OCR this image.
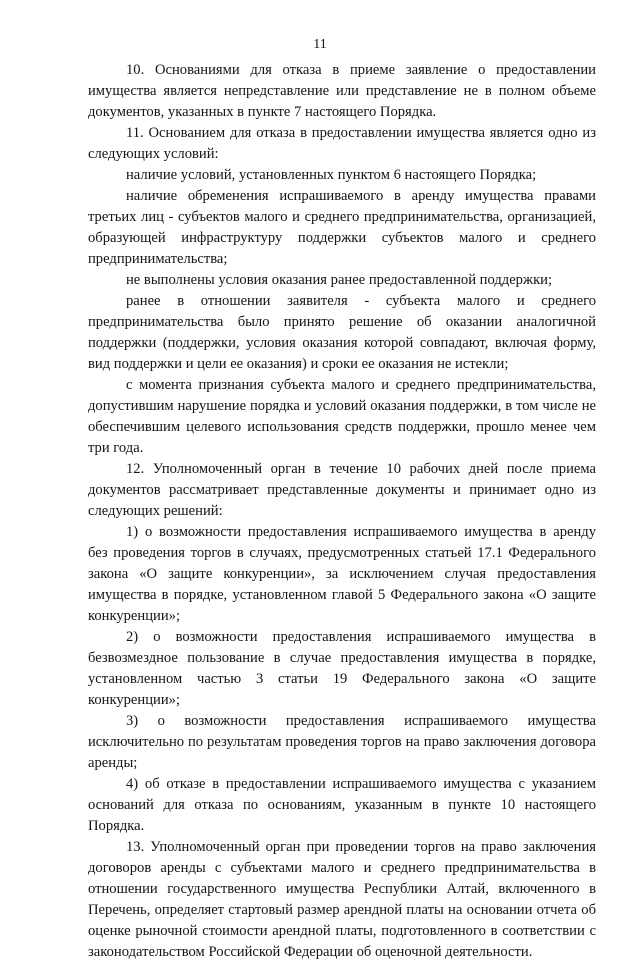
11

10. Основаниями для отказа в приеме заявление о предоставлении имущества является непредставление или представление не в полном объеме документов, указанных в пункте 7 настоящего Порядка.

11. Основанием для отказа в предоставлении имущества является одно из следующих условий:

наличие условий, установленных пунктом 6 настоящего Порядка;

наличие обременения испрашиваемого в аренду имущества правами третьих лиц - субъектов малого и среднего предпринимательства, организацией, образующей инфраструктуру поддержки субъектов малого и среднего предпринимательства;

не выполнены условия оказания ранее предоставленной поддержки;

ранее в отношении заявителя - субъекта малого и среднего предпринимательства было принято решение об оказании аналогичной поддержки (поддержки, условия оказания которой совпадают, включая форму, вид поддержки и цели ее оказания) и сроки ее оказания не истекли;

с момента признания субъекта малого и среднего предпринимательства, допустившим нарушение порядка и условий оказания поддержки, в том числе не обеспечившим целевого использования средств поддержки, прошло менее чем три года.

12. Уполномоченный орган в течение 10 рабочих дней после приема документов рассматривает представленные документы и принимает одно из следующих решений:

1) о возможности предоставления испрашиваемого имущества в аренду без проведения торгов в случаях, предусмотренных статьей 17.1 Федерального закона «О защите конкуренции», за исключением случая предоставления имущества в порядке, установленном главой 5 Федерального закона «О защите конкуренции»;

2) о возможности предоставления испрашиваемого имущества в безвозмездное пользование в случае предоставления имущества в порядке, установленном частью 3 статьи 19 Федерального закона «О защите конкуренции»;

3) о возможности предоставления испрашиваемого имущества исключительно по результатам проведения торгов на право заключения договора аренды;

4) об отказе в предоставлении испрашиваемого имущества с указанием оснований для отказа по основаниям, указанным в пункте 10 настоящего Порядка.

13. Уполномоченный орган при проведении торгов на право заключения договоров аренды с субъектами малого и среднего предпринимательства в отношении государственного имущества Республики Алтай, включенного в Перечень, определяет стартовый размер арендной платы на основании отчета об оценке рыночной стоимости арендной платы, подготовленного в соответствии с законодательством Российской Федерации об оценочной деятельности.
